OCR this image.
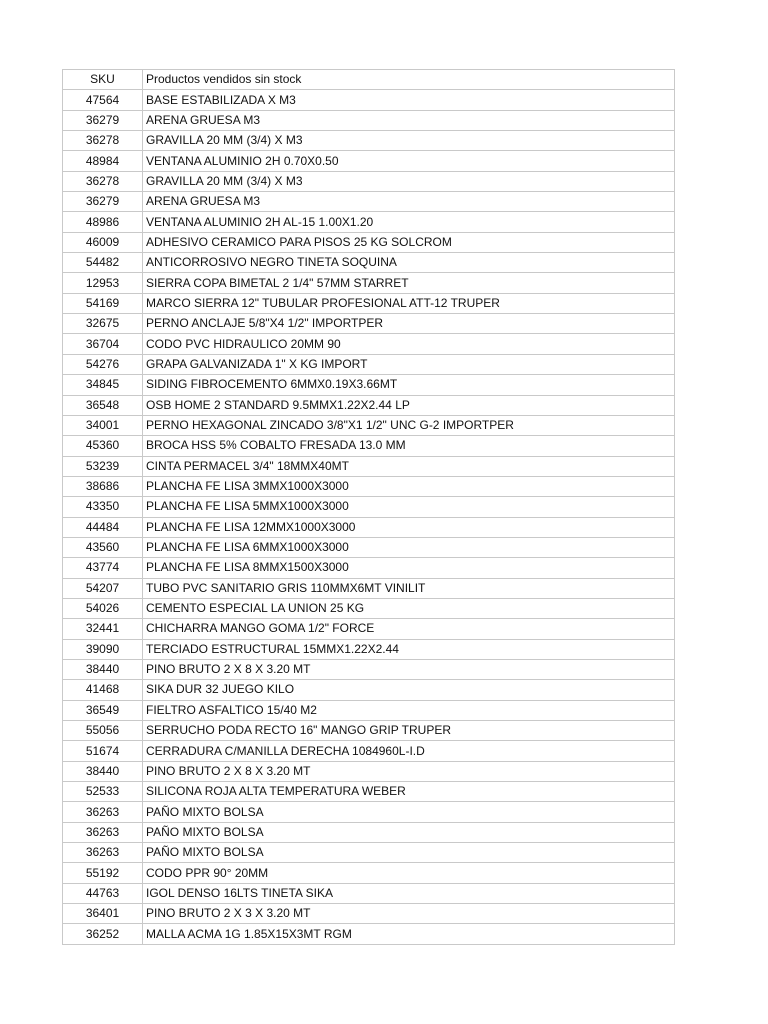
SKU	Productos vendidos sin stock
47564	BASE ESTABILIZADA X M3
36279	ARENA GRUESA M3
36278	GRAVILLA 20 MM (3/4) X M3
48984	VENTANA ALUMINIO 2H 0.70X0.50
36278	GRAVILLA 20 MM (3/4) X M3
36279	ARENA GRUESA M3
48986	VENTANA ALUMINIO 2H AL-15 1.00X1.20
46009	ADHESIVO CERAMICO PARA PISOS 25 KG SOLCROM
54482	ANTICORROSIVO NEGRO TINETA SOQUINA
12953	SIERRA COPA BIMETAL 2 1/4" 57MM STARRET
54169	MARCO SIERRA 12" TUBULAR PROFESIONAL ATT-12 TRUPER
32675	PERNO ANCLAJE 5/8"X4 1/2" IMPORTPER
36704	CODO PVC HIDRAULICO 20MM 90
54276	GRAPA GALVANIZADA 1" X KG IMPORT
34845	SIDING FIBROCEMENTO 6MMX0.19X3.66MT
36548	OSB HOME 2 STANDARD 9.5MMX1.22X2.44 LP
34001	PERNO HEXAGONAL ZINCADO 3/8"X1 1/2" UNC G-2 IMPORTPER
45360	BROCA HSS 5% COBALTO FRESADA 13.0 MM
53239	CINTA PERMACEL 3/4" 18MMX40MT
38686	PLANCHA FE LISA 3MMX1000X3000
43350	PLANCHA FE LISA 5MMX1000X3000
44484	PLANCHA FE LISA 12MMX1000X3000
43560	PLANCHA FE LISA 6MMX1000X3000
43774	PLANCHA FE LISA 8MMX1500X3000
54207	TUBO PVC SANITARIO GRIS 110MMX6MT VINILIT
54026	CEMENTO ESPECIAL LA UNION 25 KG
32441	CHICHARRA MANGO GOMA 1/2" FORCE
39090	TERCIADO ESTRUCTURAL 15MMX1.22X2.44
38440	PINO BRUTO 2 X 8 X 3.20 MT
41468	SIKA DUR 32 JUEGO KILO
36549	FIELTRO ASFALTICO 15/40 M2
55056	SERRUCHO PODA RECTO 16" MANGO GRIP TRUPER
51674	CERRADURA C/MANILLA DERECHA 1084960L-I.D
38440	PINO BRUTO 2 X 8 X 3.20 MT
52533	SILICONA ROJA ALTA TEMPERATURA WEBER
36263	PAÑO MIXTO BOLSA
36263	PAÑO MIXTO BOLSA
36263	PAÑO MIXTO BOLSA
55192	CODO PPR 90° 20MM
44763	IGOL DENSO 16LTS TINETA SIKA
36401	PINO BRUTO 2 X 3 X 3.20 MT
36252	MALLA ACMA 1G 1.85X15X3MT RGM
